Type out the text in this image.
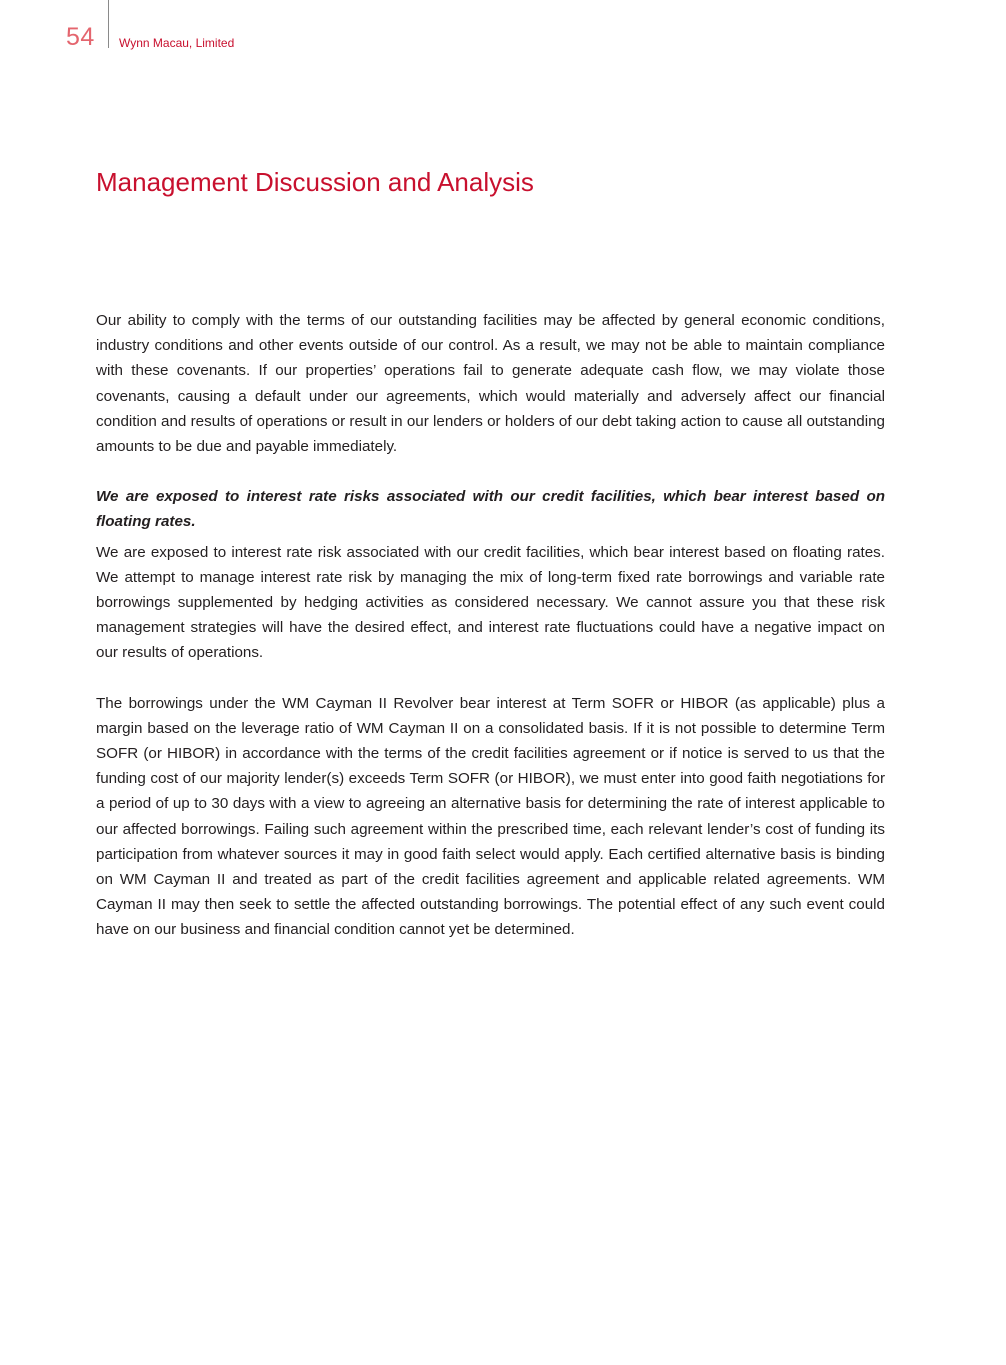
54 Wynn Macau, Limited
Management Discussion and Analysis

Our ability to comply with the terms of our outstanding facilities may be affected by general economic conditions, industry conditions and other events outside of our control. As a result, we may not be able to maintain compliance with these covenants. If our properties’ operations fail to generate adequate cash flow, we may violate those covenants, causing a default under our agreements, which would materially and adversely affect our financial condition and results of operations or result in our lenders or holders of our debt taking action to cause all outstanding amounts to be due and payable immediately.

We are exposed to interest rate risks associated with our credit facilities, which bear interest based on floating rates.

We are exposed to interest rate risk associated with our credit facilities, which bear interest based on floating rates. We attempt to manage interest rate risk by managing the mix of long-term fixed rate borrowings and variable rate borrowings supplemented by hedging activities as considered necessary. We cannot assure you that these risk management strategies will have the desired effect, and interest rate fluctuations could have a negative impact on our results of operations.

The borrowings under the WM Cayman II Revolver bear interest at Term SOFR or HIBOR (as applicable) plus a margin based on the leverage ratio of WM Cayman II on a consolidated basis. If it is not possible to determine Term SOFR (or HIBOR) in accordance with the terms of the credit facilities agreement or if notice is served to us that the funding cost of our majority lender(s) exceeds Term SOFR (or HIBOR), we must enter into good faith negotiations for a period of up to 30 days with a view to agreeing an alternative basis for determining the rate of interest applicable to our affected borrowings. Failing such agreement within the prescribed time, each relevant lender’s cost of funding its participation from whatever sources it may in good faith select would apply. Each certified alternative basis is binding on WM Cayman II and treated as part of the credit facilities agreement and applicable related agreements. WM Cayman II may then seek to settle the affected outstanding borrowings. The potential effect of any such event could have on our business and financial condition cannot yet be determined.
